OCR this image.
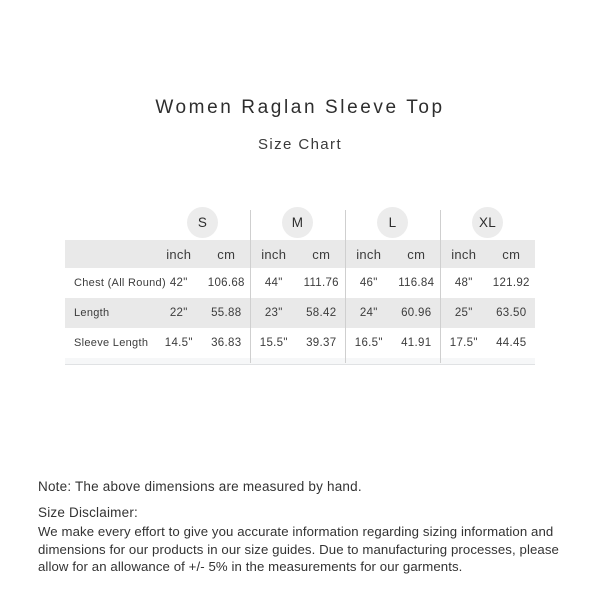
Women Raglan Sleeve Top
Size Chart
S	M	L	XL
inch	cm	inch	cm	inch	cm	inch	cm
Chest (All Round) 42"	106.68	44"	111.76	46"	116.84	48"	121.92
Length	22"	55.88	23"	58.42	24"	60.96	25"	63.50
Sleeve Length	14.5"	36.83	15.5"	39.37	16.5"	41.91	17.5"	44.45

Note: The above dimensions are measured by hand.

Size Disclaimer:

We make every effort to give you accurate information regarding sizing information and dimensions for our products in our size guides. Due to manufacturing processes, please allow for an allowance of +/- 5% in the measurements for our garments.
